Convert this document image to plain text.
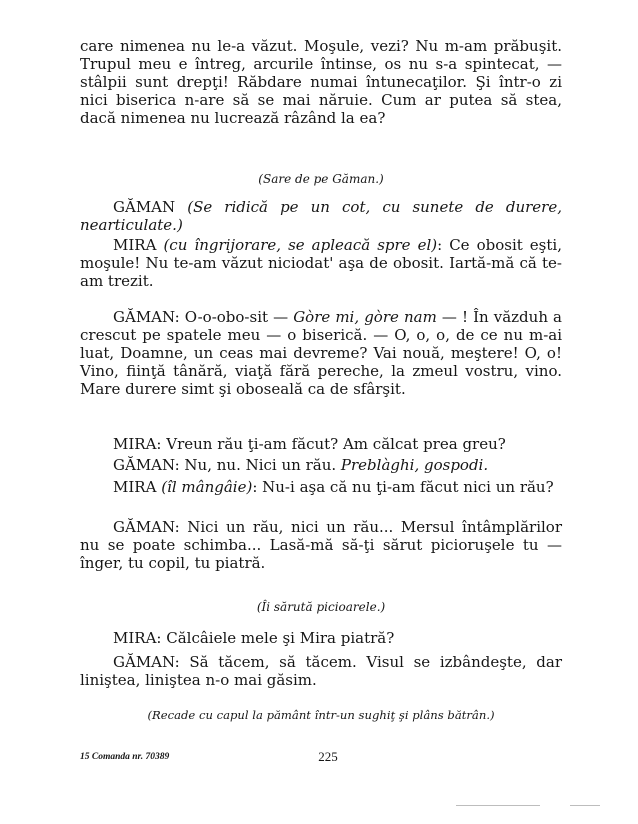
care nimenea nu le-a văzut. Moşule, vezi? Nu m-am prăbuşit. Trupul meu e întreg, arcurile întinse, os nu s-a spintecat, — stâlpii sunt drepţi! Răbdare numai întunecaţilor. Şi într-o zi nici biserica n-are să se mai năruie. Cum ar putea să stea, dacă nimenea nu lucrează râzând la ea?

(Sare de pe Găman.)

GĂMAN (Se ridică pe un cot, cu sunete de durere, nearticulate.)

MIRA (cu îngrijorare, se apleacă spre el): Ce obosit eşti, moşule! Nu te-am văzut niciodat' aşa de obosit. Iartă-mă că te-am trezit.

GĂMAN: O-o-obo-sit — Gòre mi, gòre nam — ! În văzduh a crescut pe spatele meu — o biserică. — O, o, o, de ce nu m-ai luat, Doamne, un ceas mai devreme? Vai nouă, meştere! O, o! Vino, fiinţă tânără, viaţă fără pereche, la zmeul vostru, vino. Mare durere simt şi oboseală ca de sfârşit.

MIRA: Vreun rău ţi-am făcut? Am călcat prea greu?

GĂMAN: Nu, nu. Nici un rău. Preblàghi, gospodi.

MIRA (îl mângâie): Nu-i aşa că nu ţi-am făcut nici un rău?

GĂMAN: Nici un rău, nici un rău... Mersul întâmplărilor nu se poate schimba... Lasă-mă să-ţi sărut picioruşele tu — înger, tu copil, tu piatră.

(Îi sărută picioarele.)

MIRA: Călcâiele mele şi Mira piatră?

GĂMAN: Să tăcem, să tăcem. Visul se izbândeşte, dar liniştea, liniştea n-o mai găsim.

(Recade cu capul la pământ într-un sughiţ şi plâns bătrân.)

15 Comanda nr. 70389	225
